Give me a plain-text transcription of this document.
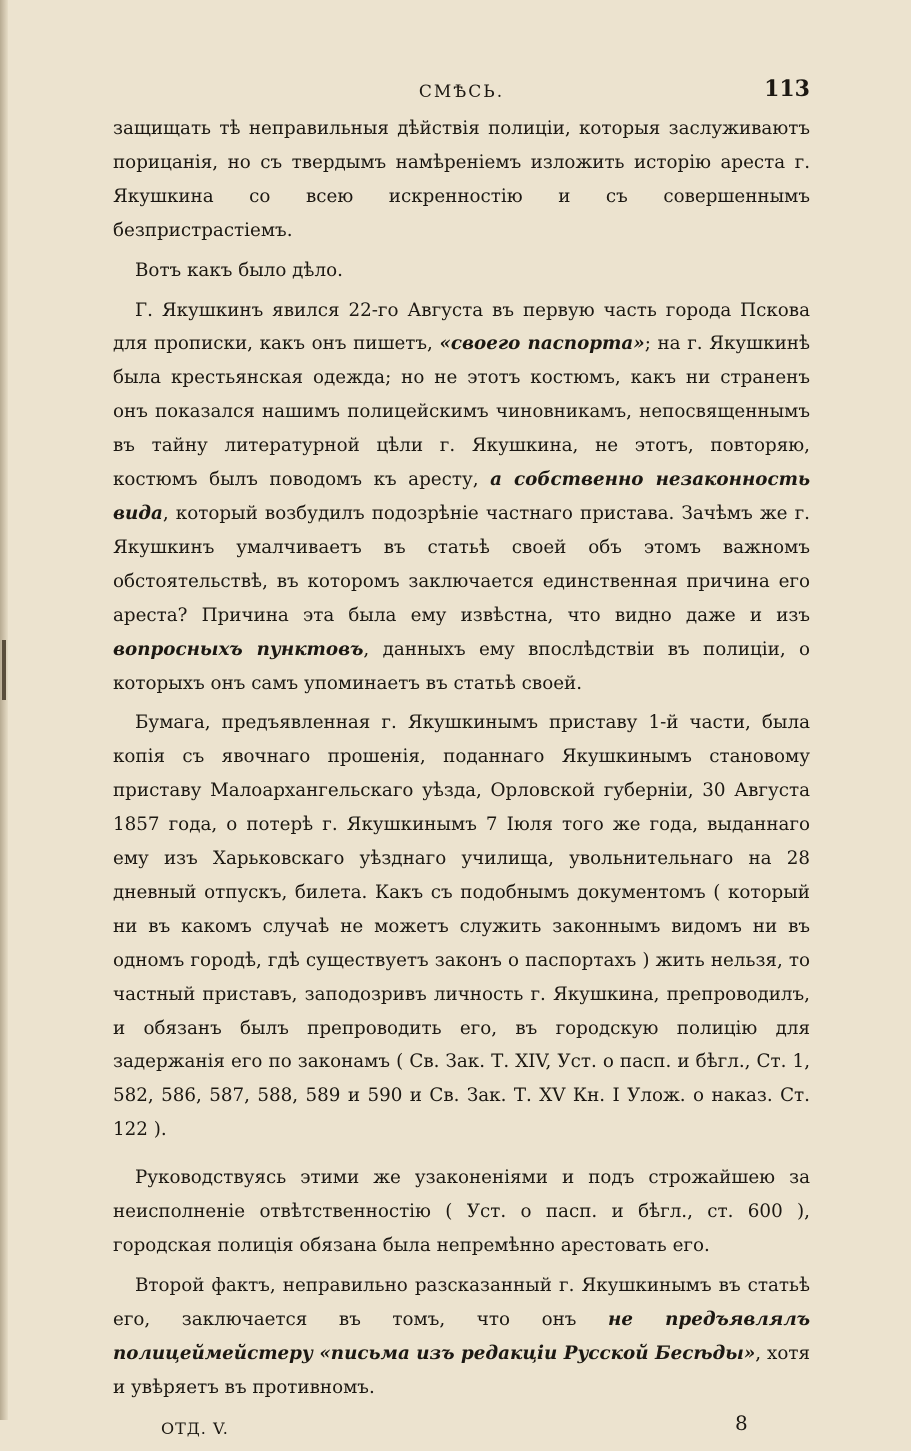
СМѢСЬ.	113

защищать тѣ неправильныя дѣйствія полиціи, которыя заслуживаютъ порицанія, но съ твердымъ намѣреніемъ изложить исторію ареста г. Якушкина со всею искренностію и съ совершеннымъ безпристрастіемъ.

Вотъ какъ было дѣло.

Г. Якушкинъ явился 22-го Августа въ первую часть города Пскова для прописки, какъ онъ пишетъ, «своего паспорта»; на г. Якушкинѣ была крестьянская одежда; но не этотъ костюмъ, какъ ни страненъ онъ показался нашимъ полицейскимъ чиновникамъ, непосвященнымъ въ тайну литературной цѣли г. Якушкина, не этотъ, повторяю, костюмъ былъ поводомъ къ аресту, а собственно незаконность вида, который возбудилъ подозрѣніе частнаго пристава. Зачѣмъ же г. Якушкинъ умалчиваетъ въ статьѣ своей объ этомъ важномъ обстоятельствѣ, въ которомъ заключается единственная причина его ареста? Причина эта была ему извѣстна, что видно даже и изъ вопросныхъ пунктовъ, данныхъ ему впослѣдствіи въ полиціи, о которыхъ онъ самъ упоминаетъ въ статьѣ своей.

Бумага, предъявленная г. Якушкинымъ приставу 1-й части, была копія съ явочнаго прошенія, поданнаго Якушкинымъ становому приставу Малоархангельскаго уѣзда, Орловской губерніи, 30 Августа 1857 года, о потерѣ г. Якушкинымъ 7 Іюля того же года, выданнаго ему изъ Харьковскаго уѣзднаго училища, увольнительнаго на 28 дневный отпускъ, билета. Какъ съ подобнымъ документомъ ( который ни въ какомъ случаѣ не можетъ служить законнымъ видомъ ни въ одномъ городѣ, гдѣ существуетъ законъ о паспортахъ ) жить нельзя, то частный приставъ, заподозривъ личность г. Якушкина, препроводилъ, и обязанъ былъ препроводить его, въ городскую полицію для задержанія его по законамъ ( Св. Зак. Т. XIV, Уст. о пасп. и бѣгл., Ст. 1, 582, 586, 587, 588, 589 и 590 и Св. Зак. Т. XV Кн. I Улож. о наказ. Ст. 122 ).

Руководствуясь этими же узаконеніями и подъ строжайшею за неисполненіе отвѣтственностію ( Уст. о пасп. и бѣгл., ст. 600 ), городская полиція обязана была непремѣнно арестовать его.

Второй фактъ, неправильно разсказанный г. Якушкинымъ въ статьѣ его, заключается въ томъ, что онъ не предъявлялъ полицеймейстеру «письма изъ редакціи Русской Бесѣды», хотя и увѣряетъ въ противномъ.

ОТД. V.	8
